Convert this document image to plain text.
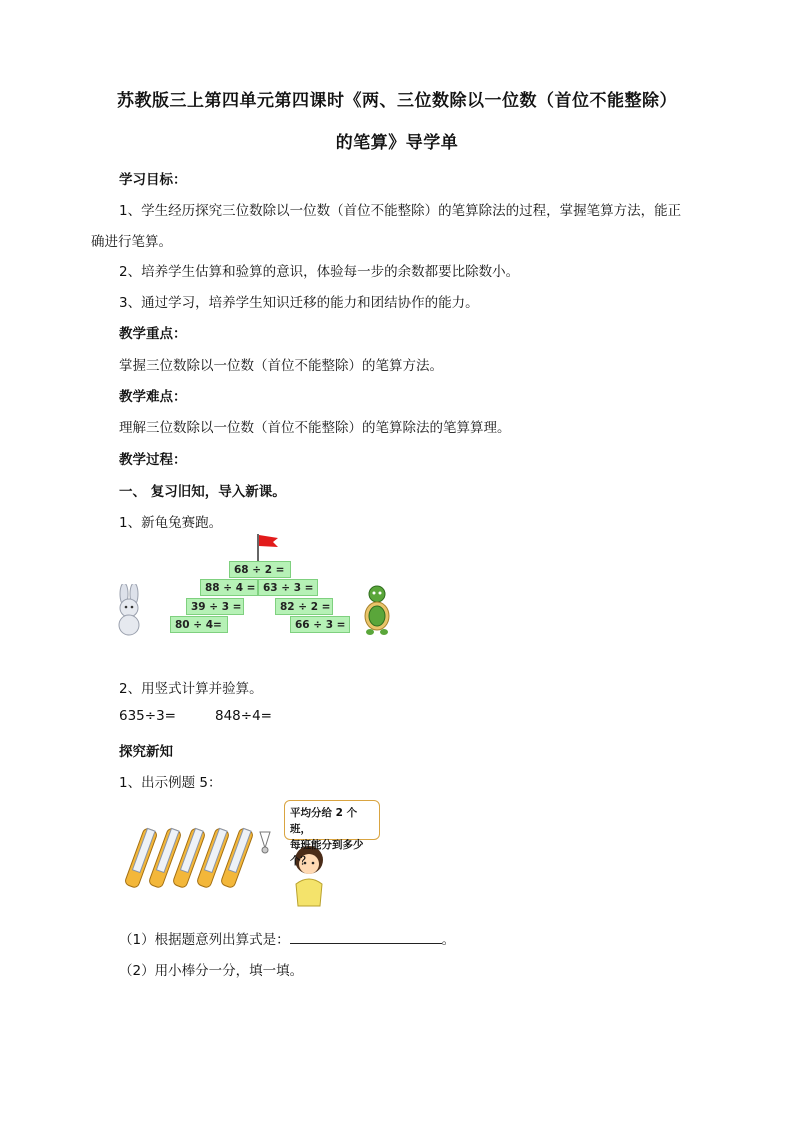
苏教版三上第四单元第四课时《两、三位数除以一位数（首位不能整除）
的笔算》导学单
学习目标：
1、学生经历探究三位数除以一位数（首位不能整除）的笔算除法的过程，掌握笔算方法，能正
确进行笔算。
2、培养学生估算和验算的意识，体验每一步的余数都要比除数小。
3、通过学习，培养学生知识迁移的能力和团结协作的能力。
教学重点：
掌握三位数除以一位数（首位不能整除）的笔算方法。
教学难点：
理解三位数除以一位数（首位不能整除）的笔算除法的笔算算理。
教学过程：
一、 复习旧知，导入新课。
1、新龟兔赛跑。
68 ÷ 2 =
88 ÷ 4 = 63 ÷ 3 =
39 ÷ 3 =	82 ÷ 2 =
80 ÷ 4=	66 ÷ 3 =
2、用竖式计算并验算。
635÷3=	848÷4=
探究新知
1、出示例题 5：
平均分给 2 个班，
每班能分到多少个？
（1）根据题意列出算式是：	。
（2）用小棒分一分，填一填。
